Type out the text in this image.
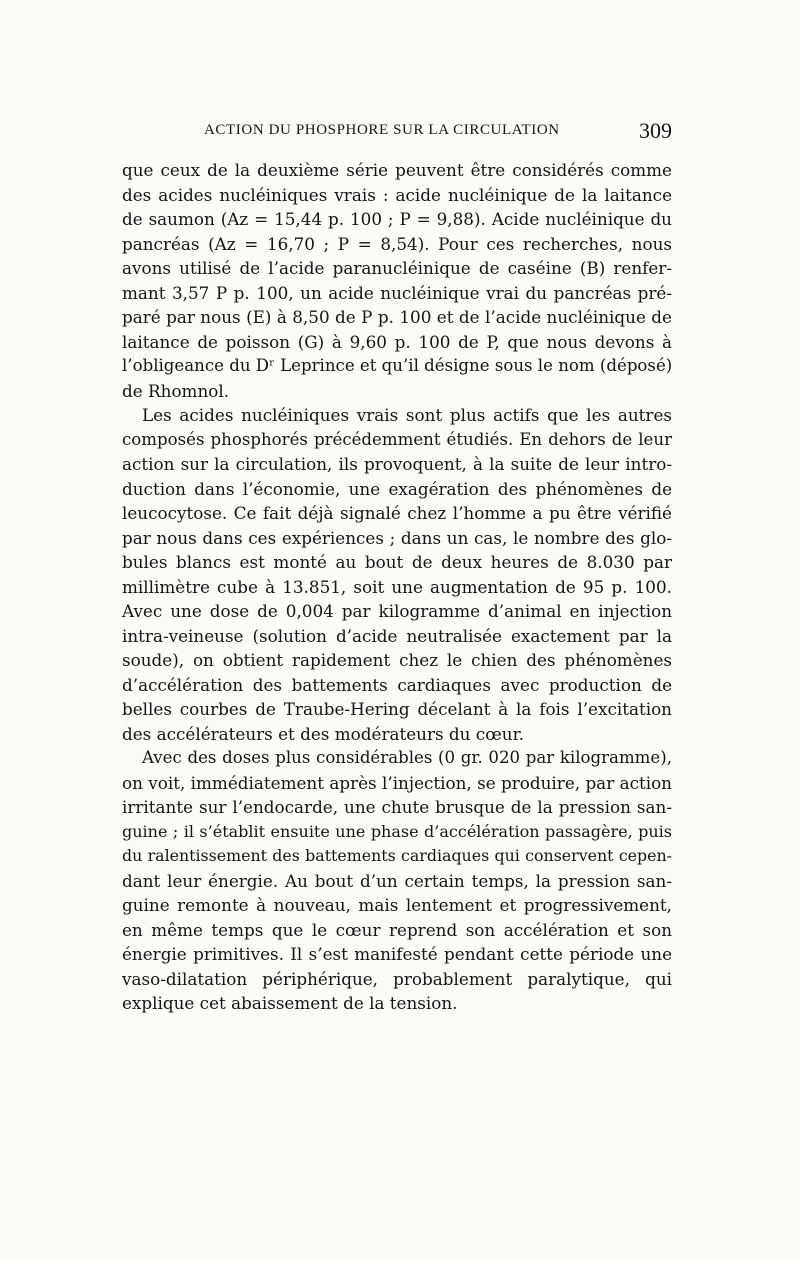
ACTION DU PHOSPHORE SUR LA CIRCULATION	309
que ceux de la deuxième série peuvent être considérés comme
des acides nucléiniques vrais : acide nucléinique de la laitance
de saumon (Az = 15,44 p. 100 ; P = 9,88). Acide nucléinique du
pancréas (Az = 16,70 ; P = 8,54). Pour ces recherches, nous
avons utilisé de l’acide paranucléinique de caséine (B) renfer-
mant 3,57 P p. 100, un acide nucléinique vrai du pancréas pré-
paré par nous (E) à 8,50 de P p. 100 et de l’acide nucléinique de
laitance de poisson (G) à 9,60 p. 100 de P, que nous devons à
l’obligeance du Dʳ Leprince et qu’il désigne sous le nom (déposé)
de Rhomnol.
Les acides nucléiniques vrais sont plus actifs que les autres
composés phosphorés précédemment étudiés. En dehors de leur
action sur la circulation, ils provoquent, à la suite de leur intro-
duction dans l’économie, une exagération des phénomènes de
leucocytose. Ce fait déjà signalé chez l’homme a pu être vérifié
par nous dans ces expériences ; dans un cas, le nombre des glo-
bules blancs est monté au bout de deux heures de 8.030 par
millimètre cube à 13.851, soit une augmentation de 95 p. 100.
Avec une dose de 0,004 par kilogramme d’animal en injection
intra-veineuse (solution d’acide neutralisée exactement par la
soude), on obtient rapidement chez le chien des phénomènes
d’accélération des battements cardiaques avec production de
belles courbes de Traube-Hering décelant à la fois l’excitation
des accélérateurs et des modérateurs du cœur.
Avec des doses plus considérables (0 gr. 020 par kilogramme),
on voit, immédiatement après l’injection, se produire, par action
irritante sur l’endocarde, une chute brusque de la pression san-
guine ; il s’établit ensuite une phase d’accélération passagère, puis
du ralentissement des battements cardiaques qui conservent cepen-
dant leur énergie. Au bout d’un certain temps, la pression san-
guine remonte à nouveau, mais lentement et progressivement,
en même temps que le cœur reprend son accélération et son
énergie primitives. Il s’est manifesté pendant cette période une
vaso-dilatation périphérique, probablement paralytique, qui
explique cet abaissement de la tension.
